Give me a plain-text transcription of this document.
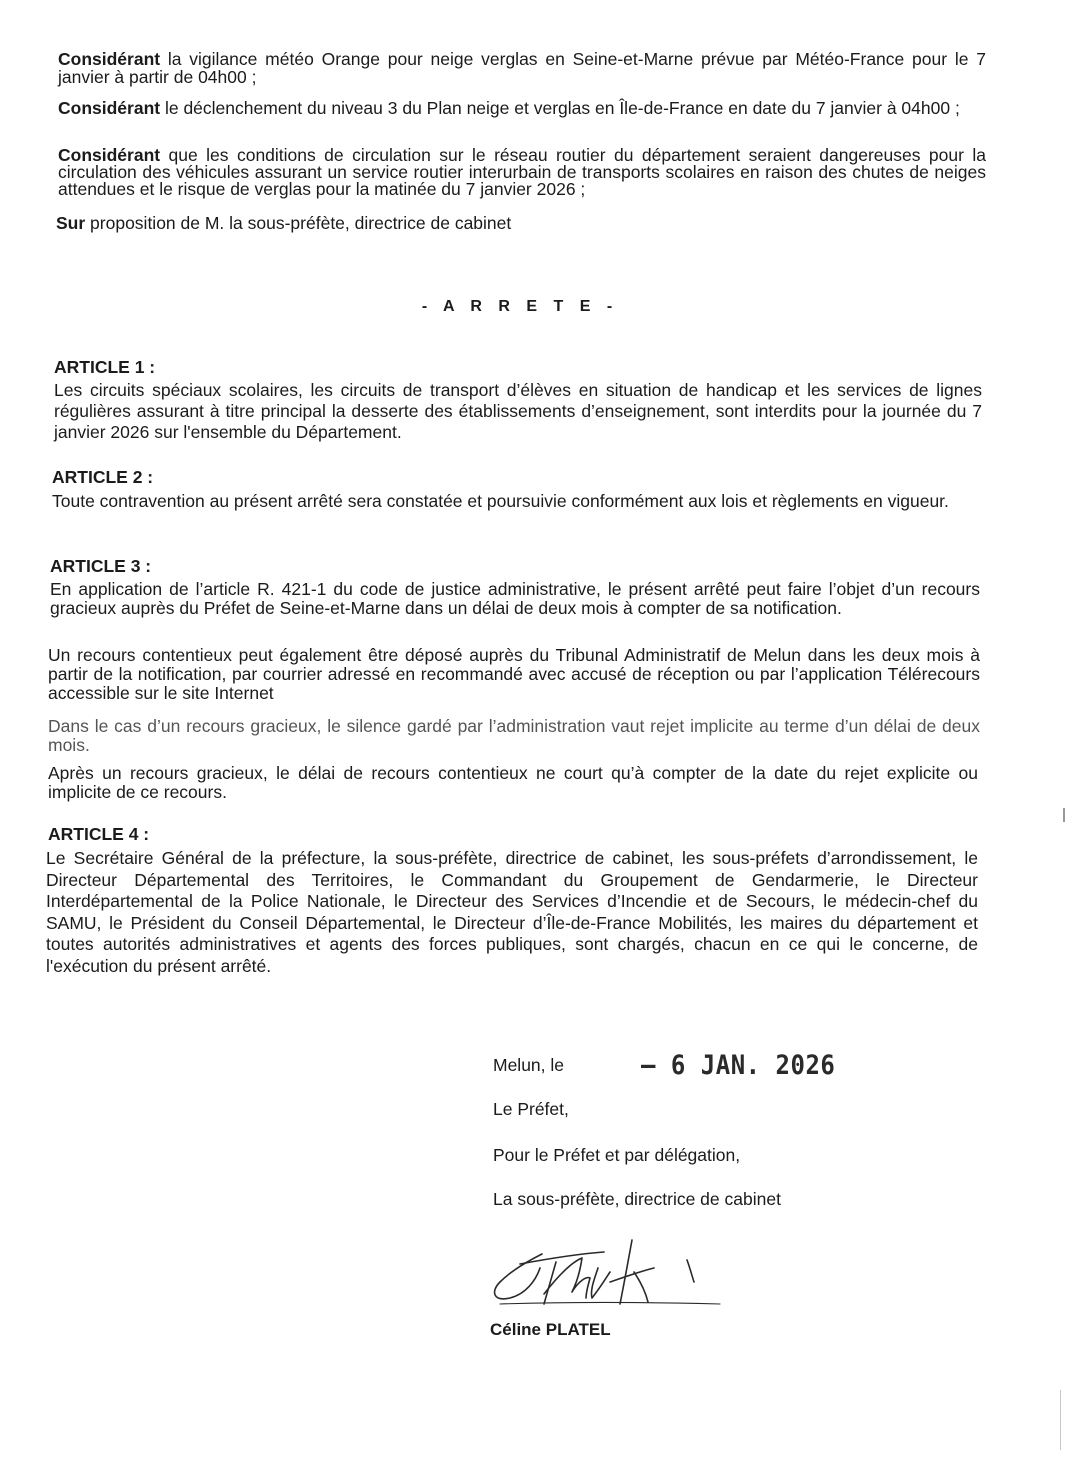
Considérant la vigilance météo Orange pour neige verglas en Seine-et-Marne prévue par Météo-France pour le 7 janvier à partir de 04h00 ;

Considérant le déclenchement du niveau 3 du Plan neige et verglas en Île-de-France en date du 7 janvier à 04h00 ;

Considérant que les conditions de circulation sur le réseau routier du département seraient dangereuses pour la circulation des véhicules assurant un service routier interurbain de transports scolaires en raison des chutes de neiges attendues et le risque de verglas pour la matinée du 7 janvier 2026 ;

Sur proposition de M. la sous-préfète, directrice de cabinet

- A R R E T E -
ARTICLE 1 :

Les circuits spéciaux scolaires, les circuits de transport d’élèves en situation de handicap et les services de lignes régulières assurant à titre principal la desserte des établissements d’enseignement, sont interdits pour la journée du 7 janvier 2026 sur l'ensemble du Département.

ARTICLE 2 :

Toute contravention au présent arrêté sera constatée et poursuivie conformément aux lois et règlements en vigueur.

ARTICLE 3 :

En application de l’article R. 421-1 du code de justice administrative, le présent arrêté peut faire l’objet d’un recours gracieux auprès du Préfet de Seine-et-Marne dans un délai de deux mois à compter de sa notification.

Un recours contentieux peut également être déposé auprès du Tribunal Administratif de Melun dans les deux mois à partir de la notification, par courrier adressé en recommandé avec accusé de réception ou par l’application Télérecours accessible sur le site Internet

Dans le cas d’un recours gracieux, le silence gardé par l’administration vaut rejet implicite au terme d’un délai de deux mois.

Après un recours gracieux, le délai de recours contentieux ne court qu’à compter de la date du rejet explicite ou implicite de ce recours.

ARTICLE 4 :

Le Secrétaire Général de la préfecture, la sous-préfète, directrice de cabinet, les sous-préfets d’arrondissement, le Directeur Départemental des Territoires, le Commandant du Groupement de Gendarmerie, le Directeur Interdépartemental de la Police Nationale, le Directeur des Services d’Incendie et de Secours, le médecin-chef du SAMU, le Président du Conseil Départemental, le Directeur d’Île-de-France Mobilités, les maires du département et toutes autorités administratives et agents des forces publiques, sont chargés, chacun en ce qui le concerne, de l'exécution du présent arrêté.

Melun, le	– 6 JAN. 2026
Le Préfet,
Pour le Préfet et par délégation,
La sous-préfète, directrice de cabinet
Céline PLATEL
